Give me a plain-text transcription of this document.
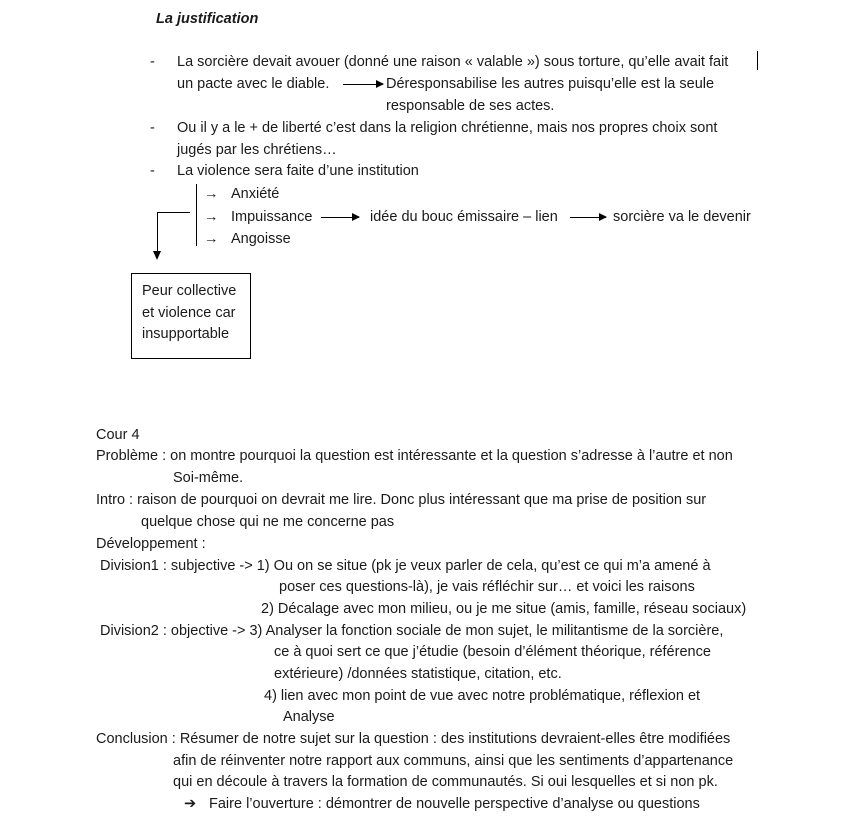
La justification
- La sorcière devait avouer (donné une raison « valable ») sous torture, qu’elle avait fait
un pacte avec le diable.	Déresponsabilise les autres puisqu’elle est la seule
responsable de ses actes.
- Ou il y a le + de liberté c’est dans la religion chrétienne, mais nos propres choix sont
jugés par les chrétiens…
- La violence sera faite d’une institution
→ Anxiété
→ Impuissance	idée du bouc émissaire – lien	sorcière va le devenir
→ Angoisse
Peur collective
et violence car
insupportable
Cour 4
Problème : on montre pourquoi la question est intéressante et la question s’adresse à l’autre et non
Soi-même.
Intro : raison de pourquoi on devrait me lire. Donc plus intéressant que ma prise de position sur
quelque chose qui ne me concerne pas
Développement :
Division1 : subjective -> 1) Ou on se situe (pk je veux parler de cela, qu’est ce qui m’a amené à
poser ces questions-là), je vais réfléchir sur… et voici les raisons
2) Décalage avec mon milieu, ou je me situe (amis, famille, réseau sociaux)
Division2 : objective -> 3) Analyser la fonction sociale de mon sujet, le militantisme de la sorcière,
ce à quoi sert ce que j’étudie (besoin d’élément théorique, référence
extérieure) /données statistique, citation, etc.
4) lien avec mon point de vue avec notre problématique, réflexion et
Analyse
Conclusion : Résumer de notre sujet sur la question : des institutions devraient-elles être modifiées
afin de réinventer notre rapport aux communs, ainsi que les sentiments d’appartenance
qui en découle à travers la formation de communautés. Si oui lesquelles et si non pk.
➔ Faire l’ouverture : démontrer de nouvelle perspective d’analyse ou questions
